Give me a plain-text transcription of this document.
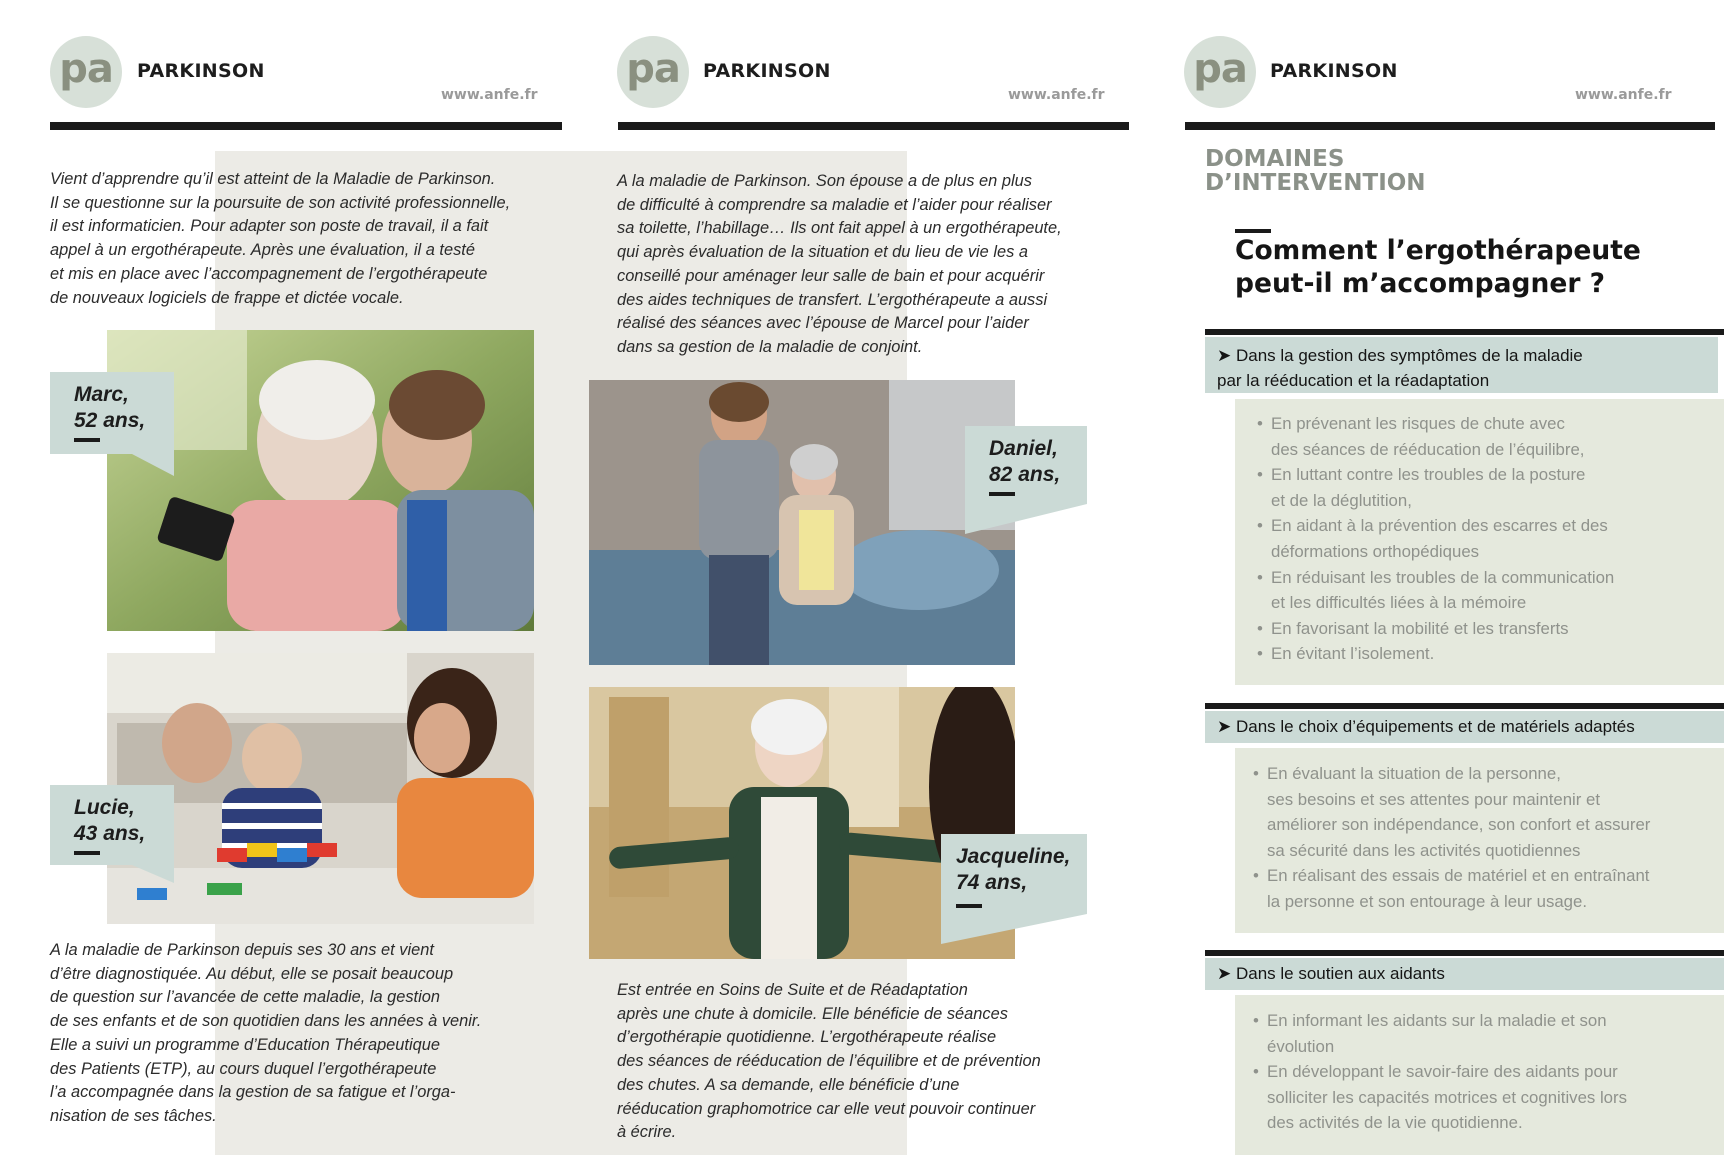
pa	PARKINSON
www.anfe.fr
pa	PARKINSON
www.anfe.fr
pa	PARKINSON
www.anfe.fr
Vient d’apprendre qu’il est atteint de la Maladie de Parkinson.
Il se questionne sur la poursuite de son activité professionnelle,
il est informaticien. Pour adapter son poste de travail, il a fait
appel à un ergothérapeute. Après une évaluation, il a testé
et mis en place avec l’accompagnement de l’ergothérapeute
de nouveaux logiciels de frappe et dictée vocale.
Marc,
52 ans,
Lucie,
43 ans,
A la maladie de Parkinson depuis ses 30 ans et vient
d’être diagnostiquée. Au début, elle se posait beaucoup
de question sur l’avancée de cette maladie, la gestion
de ses enfants et de son quotidien dans les années à venir.
Elle a suivi un programme d’Education Thérapeutique
des Patients (ETP), au cours duquel l’ergothérapeute
l’a accompagnée dans la gestion de sa fatigue et l’orga-
nisation de ses tâches.
A la maladie de Parkinson. Son épouse a de plus en plus
de difficulté à comprendre sa maladie et l’aider pour réaliser
sa toilette, l’habillage… Ils ont fait appel à un ergothérapeute,
qui après évaluation de la situation et du lieu de vie les a
conseillé pour aménager leur salle de bain et pour acquérir
des aides techniques de transfert. L’ergothérapeute a aussi
réalisé des séances avec l’épouse de Marcel pour l’aider
dans sa gestion de la maladie de conjoint.
Daniel,
82 ans,
Jacqueline,
74 ans,
Est entrée en Soins de Suite et de Réadaptation
après une chute à domicile. Elle bénéficie de séances
d’ergothérapie quotidienne. L’ergothérapeute réalise
des séances de rééducation de l’équilibre et de prévention
des chutes. A sa demande, elle bénéficie d’une
rééducation graphomotrice car elle veut pouvoir continuer
à écrire.
DOMAINES
D’INTERVENTION
Comment l’ergothérapeute
peut-il m’accompagner ?
➤ Dans la gestion des symptômes de la maladie
par la rééducation et la réadaptation
• En prévenant les risques de chute avec
des séances de rééducation de l’équilibre,
• En luttant contre les troubles de la posture
et de la déglutition,
• En aidant à la prévention des escarres et des
déformations orthopédiques
• En réduisant les troubles de la communication
et les difficultés liées à la mémoire
• En favorisant la mobilité et les transferts
• En évitant l’isolement.
➤ Dans le choix d’équipements et de matériels adaptés
• En évaluant la situation de la personne,
ses besoins et ses attentes pour maintenir et
améliorer son indépendance, son confort et assurer
sa sécurité dans les activités quotidiennes
• En réalisant des essais de matériel et en entraînant
la personne et son entourage à leur usage.
➤ Dans le soutien aux aidants
• En informant les aidants sur la maladie et son
évolution
• En développant le savoir-faire des aidants pour
solliciter les capacités motrices et cognitives lors
des activités de la vie quotidienne.
